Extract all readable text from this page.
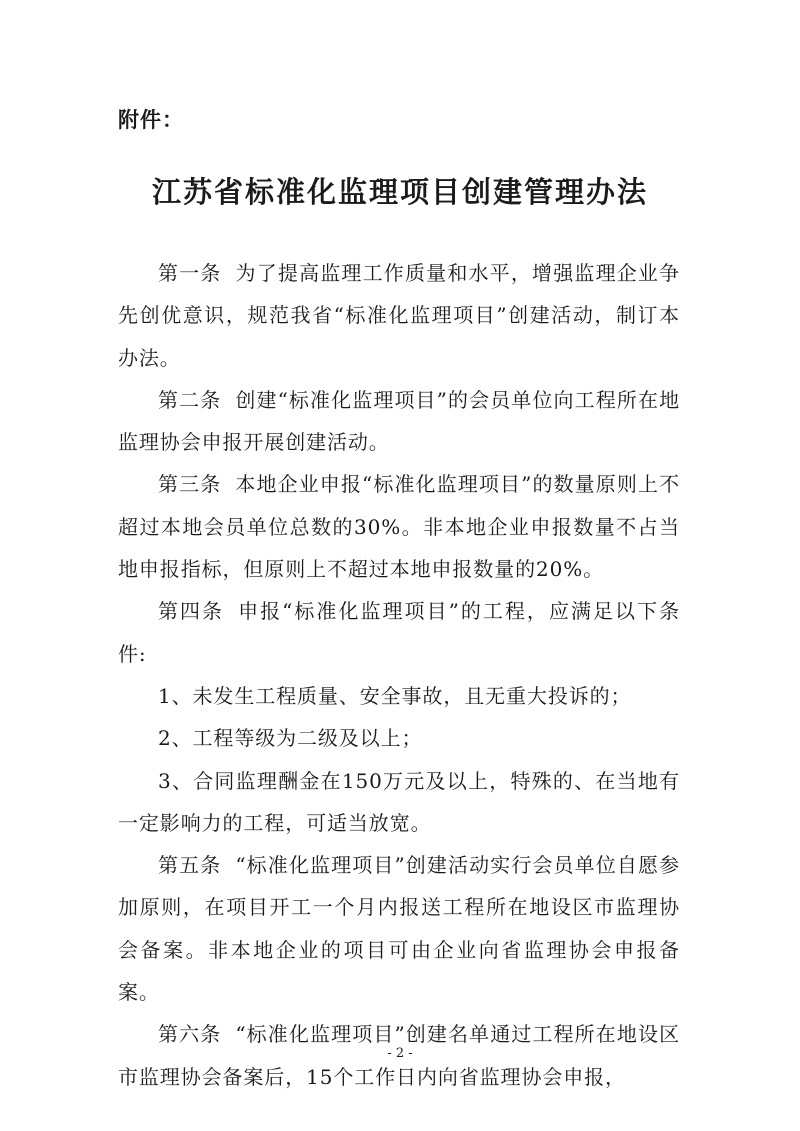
附件：
江苏省标准化监理项目创建管理办法

第一条 为了提高监理工作质量和水平，增强监理企业争先创优意识，规范我省“标准化监理项目”创建活动，制订本办法。

第二条 创建“标准化监理项目”的会员单位向工程所在地监理协会申报开展创建活动。

第三条 本地企业申报“标准化监理项目”的数量原则上不超过本地会员单位总数的30%。非本地企业申报数量不占当地申报指标，但原则上不超过本地申报数量的20%。

第四条 申报“标准化监理项目”的工程，应满足以下条件:

1、未发生工程质量、安全事故，且无重大投诉的；

2、工程等级为二级及以上；

3、合同监理酬金在150万元及以上，特殊的、在当地有一定影响力的工程，可适当放宽。

第五条 “标准化监理项目”创建活动实行会员单位自愿参加原则，在项目开工一个月内报送工程所在地设区市监理协会备案。非本地企业的项目可由企业向省监理协会申报备案。

第六条 “标准化监理项目”创建名单通过工程所在地设区市监理协会备案后，15个工作日内向省监理协会申报，

- 2 -
